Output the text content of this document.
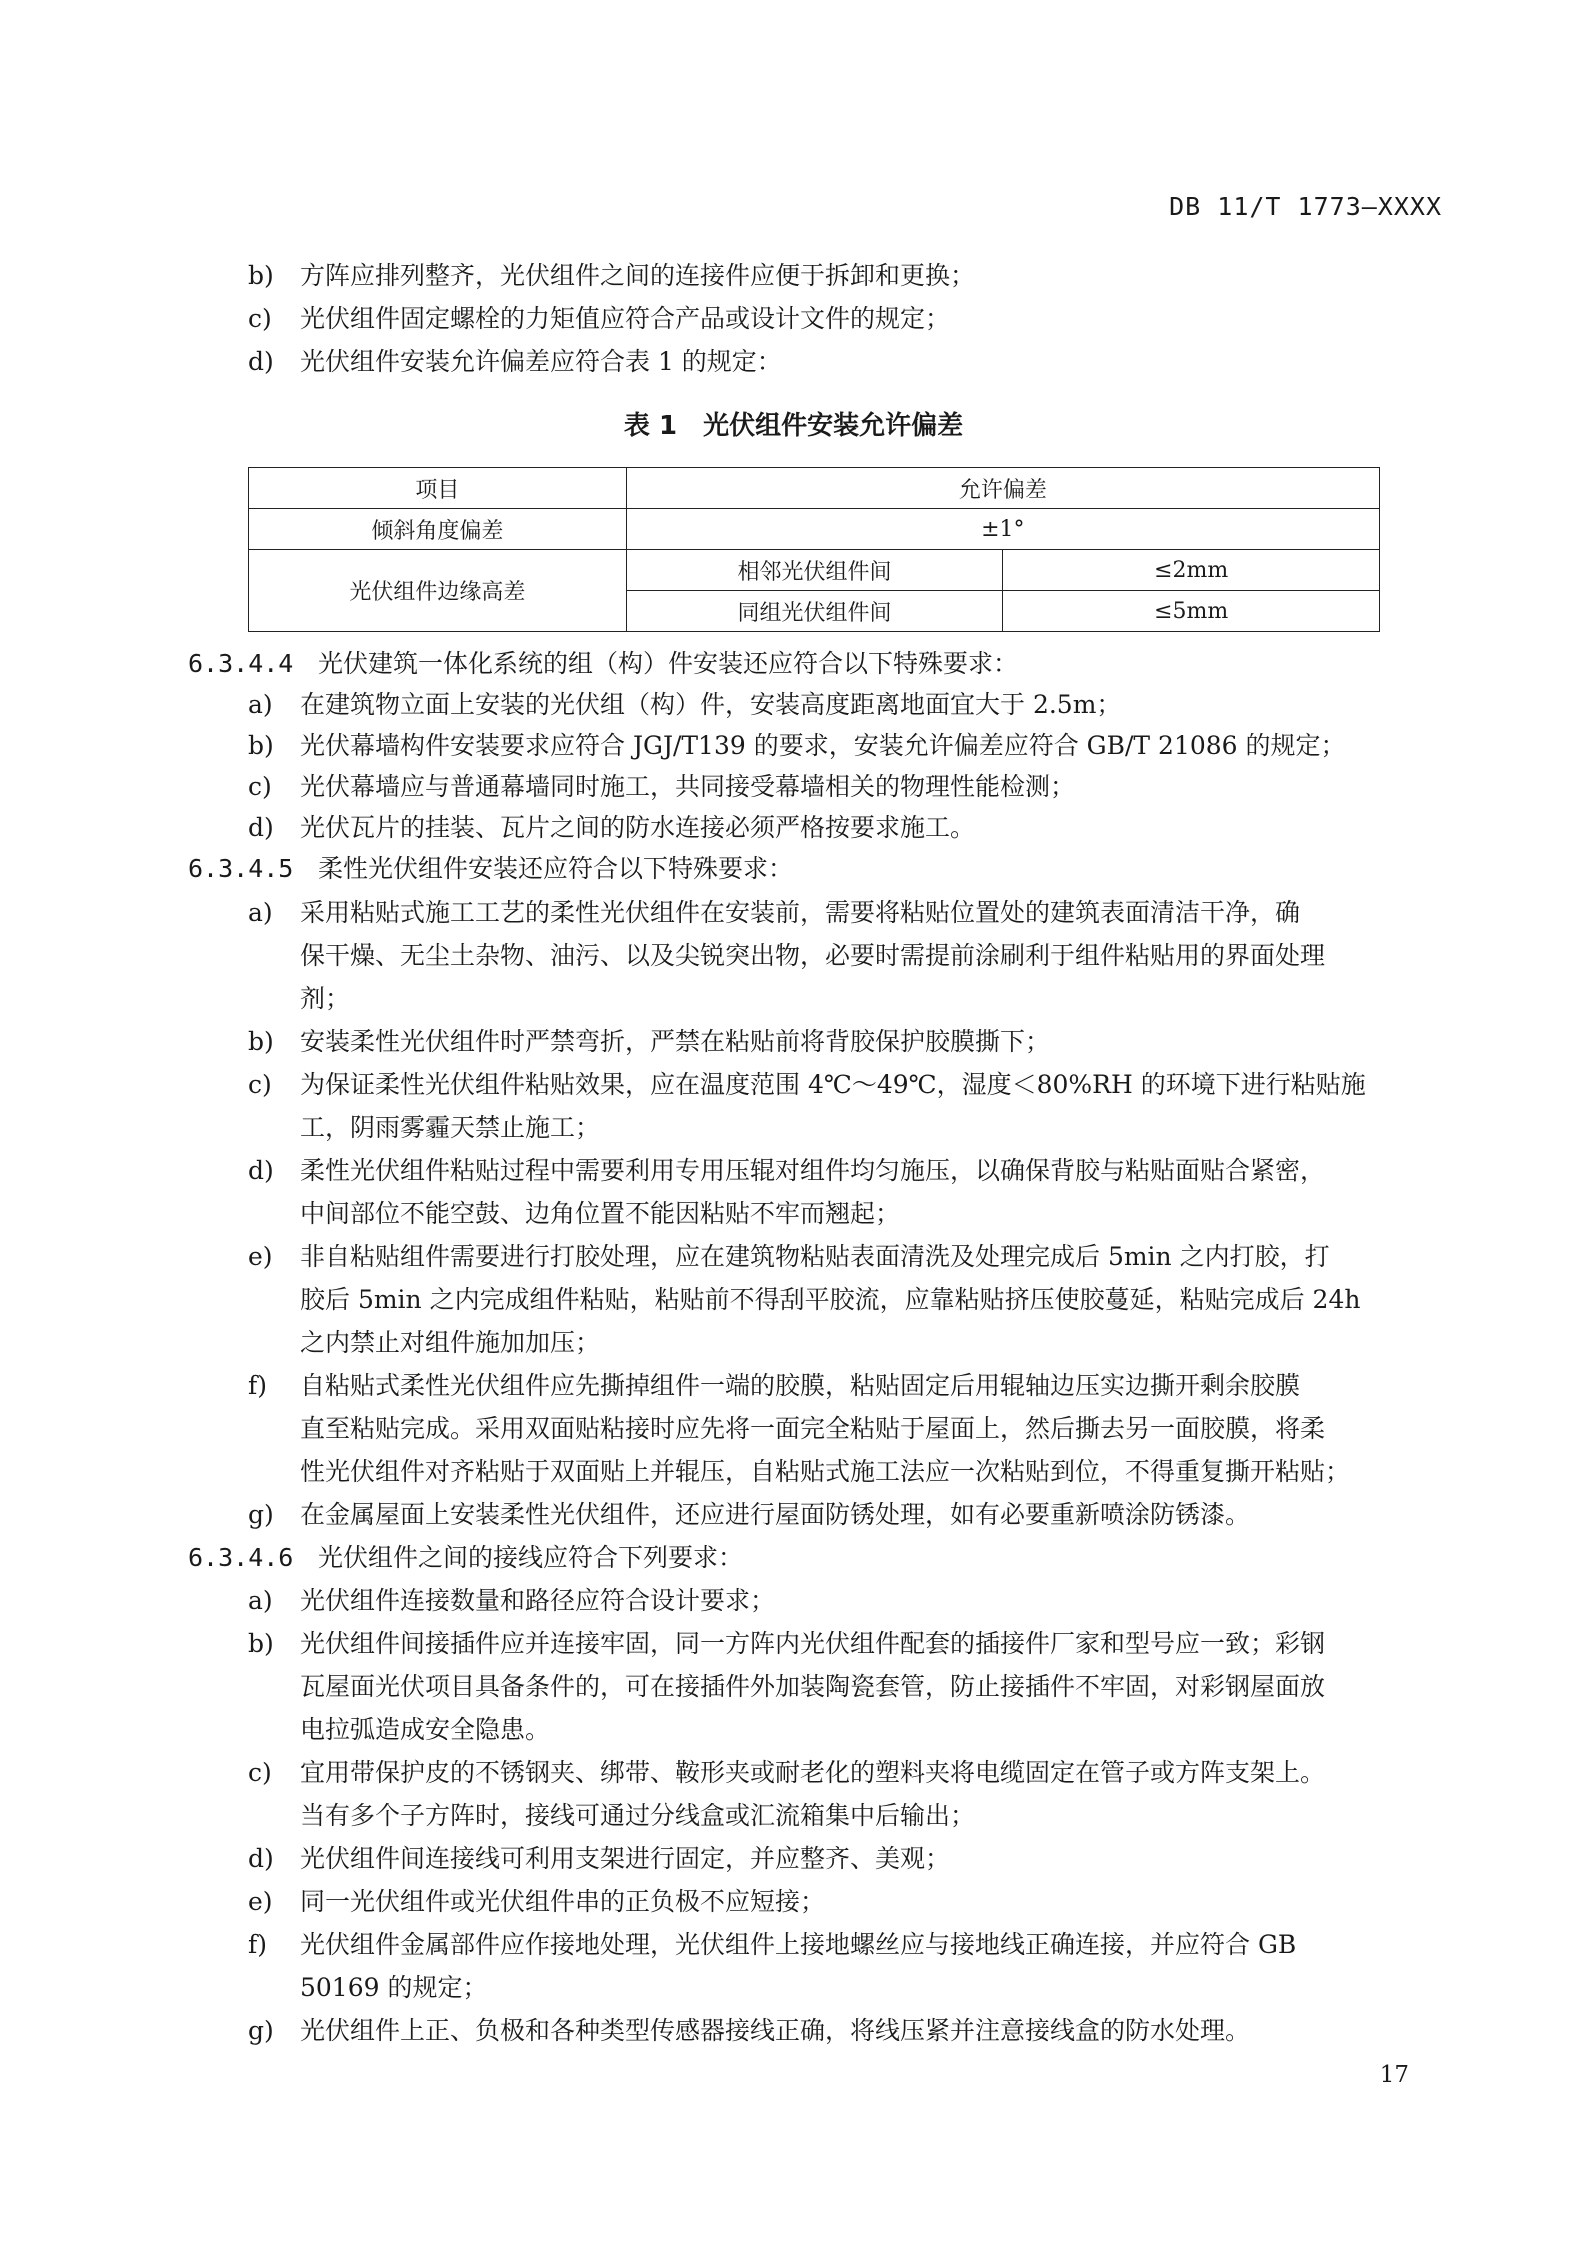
DB 11/T 1773—XXXX
b) 方阵应排列整齐，光伏组件之间的连接件应便于拆卸和更换；
c) 光伏组件固定螺栓的力矩值应符合产品或设计文件的规定；
d) 光伏组件安装允许偏差应符合表 1 的规定：
表 1　光伏组件安装允许偏差
项目	允许偏差	
倾斜角度偏差	±1°	
光伏组件边缘高差	相邻光伏组件间	≤2mm
	同组光伏组件间	≤5mm
6.3.4.4 光伏建筑一体化系统的组（构）件安装还应符合以下特殊要求：
a) 在建筑物立面上安装的光伏组（构）件，安装高度距离地面宜大于 2.5m；
b) 光伏幕墙构件安装要求应符合 JGJ/T139 的要求，安装允许偏差应符合 GB/T 21086 的规定；
c) 光伏幕墙应与普通幕墙同时施工，共同接受幕墙相关的物理性能检测；
d) 光伏瓦片的挂装、瓦片之间的防水连接必须严格按要求施工。
6.3.4.5 柔性光伏组件安装还应符合以下特殊要求：
a) 采用粘贴式施工工艺的柔性光伏组件在安装前，需要将粘贴位置处的建筑表面清洁干净，确
保干燥、无尘土杂物、油污、以及尖锐突出物，必要时需提前涂刷利于组件粘贴用的界面处理
剂；
b) 安装柔性光伏组件时严禁弯折，严禁在粘贴前将背胶保护胶膜撕下；
c) 为保证柔性光伏组件粘贴效果，应在温度范围 4℃～49℃，湿度＜80%RH 的环境下进行粘贴施
工，阴雨雾霾天禁止施工；
d) 柔性光伏组件粘贴过程中需要利用专用压辊对组件均匀施压，以确保背胶与粘贴面贴合紧密，
中间部位不能空鼓、边角位置不能因粘贴不牢而翘起；
e) 非自粘贴组件需要进行打胶处理，应在建筑物粘贴表面清洗及处理完成后 5min 之内打胶，打
胶后 5min 之内完成组件粘贴，粘贴前不得刮平胶流，应靠粘贴挤压使胶蔓延，粘贴完成后 24h
之内禁止对组件施加加压；
f) 自粘贴式柔性光伏组件应先撕掉组件一端的胶膜，粘贴固定后用辊轴边压实边撕开剩余胶膜
直至粘贴完成。采用双面贴粘接时应先将一面完全粘贴于屋面上，然后撕去另一面胶膜，将柔
性光伏组件对齐粘贴于双面贴上并辊压，自粘贴式施工法应一次粘贴到位，不得重复撕开粘贴；
g) 在金属屋面上安装柔性光伏组件，还应进行屋面防锈处理，如有必要重新喷涂防锈漆。
6.3.4.6 光伏组件之间的接线应符合下列要求：
a) 光伏组件连接数量和路径应符合设计要求；
b) 光伏组件间接插件应并连接牢固，同一方阵内光伏组件配套的插接件厂家和型号应一致；彩钢
瓦屋面光伏项目具备条件的，可在接插件外加装陶瓷套管，防止接插件不牢固，对彩钢屋面放
电拉弧造成安全隐患。
c) 宜用带保护皮的不锈钢夹、绑带、鞍形夹或耐老化的塑料夹将电缆固定在管子或方阵支架上。
当有多个子方阵时，接线可通过分线盒或汇流箱集中后输出；
d) 光伏组件间连接线可利用支架进行固定，并应整齐、美观；
e) 同一光伏组件或光伏组件串的正负极不应短接；
f) 光伏组件金属部件应作接地处理，光伏组件上接地螺丝应与接地线正确连接，并应符合 GB
50169 的规定；
g) 光伏组件上正、负极和各种类型传感器接线正确，将线压紧并注意接线盒的防水处理。
17
